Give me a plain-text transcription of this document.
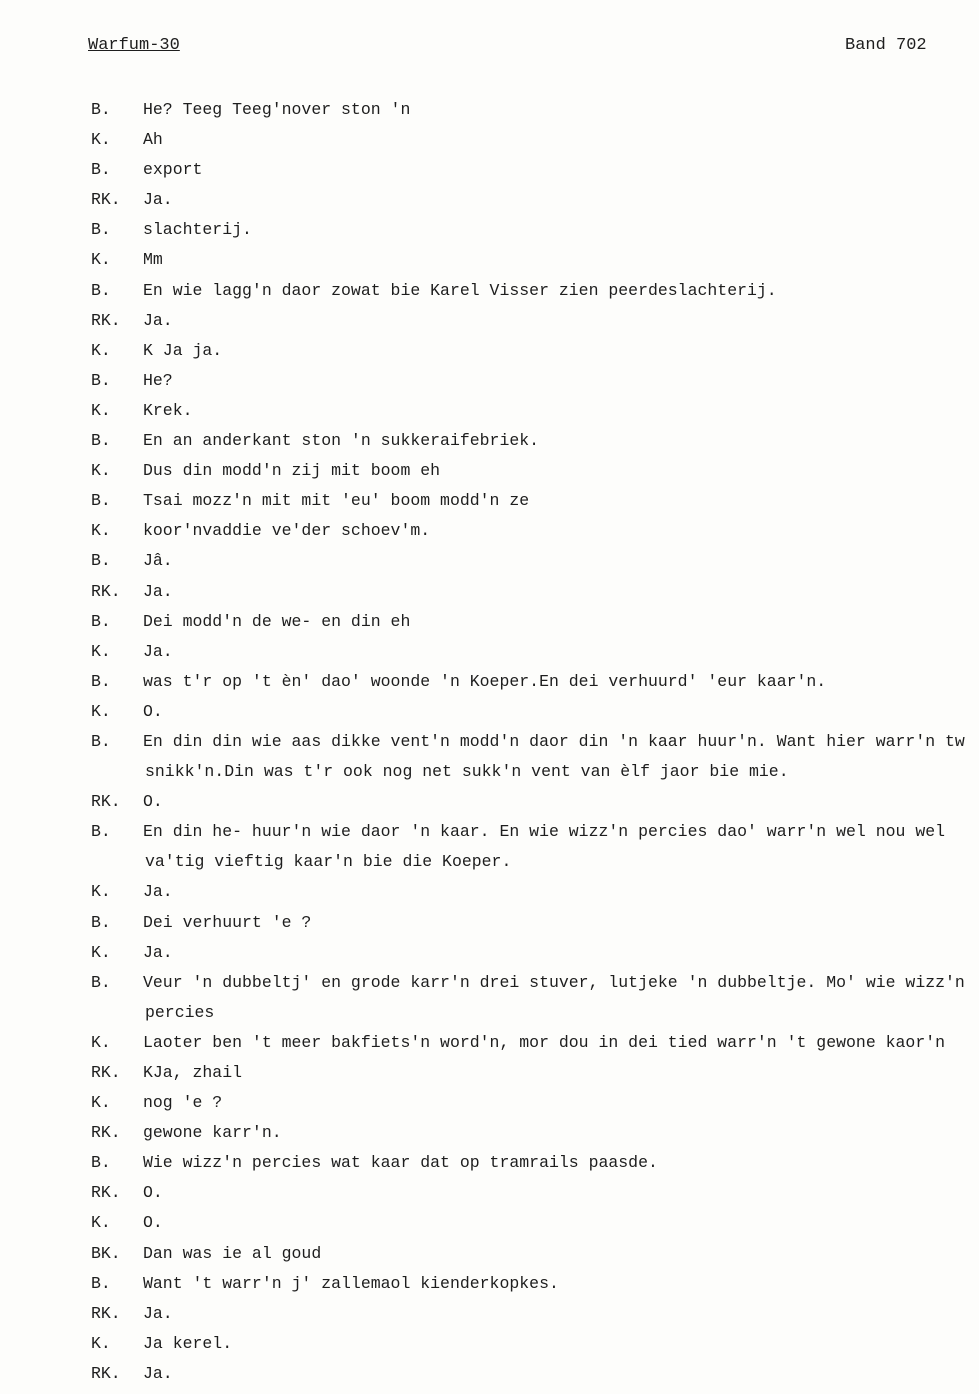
Warfum-30	Band 702
B. He? Teeg Teeg'nover ston 'n
K. Ah
B. export
RK. Ja.
B. slachterij.
K. Mm
B. En wie lagg'n daor zowat bie Karel Visser zien peerdeslachterij.
RK. Ja.
K. K Ja ja.
B. He?
K. Krek.
B. En an anderkant ston 'n sukkeraifebriek.
K. Dus din modd'n zij mit boom eh
B. Tsai mozz'n mit mit 'eu' boom modd'n ze
K. koor'nvaddie ve'der schoev'm.
B. Jâ.
RK. Ja.
B. Dei modd'n de we- en din eh
K. Ja.
B. was t'r op 't èn' dao' woonde 'n Koeper.En dei verhuurd' 'eur kaar'n.
K. O.
B. En din din wie aas dikke vent'n modd'n daor din 'n kaar huur'n. Want hier warr'n tw
snikk'n.Din was t'r ook nog net sukk'n vent van èlf jaor bie mie.
RK. O.
B. En din he- huur'n wie daor 'n kaar. En wie wizz'n percies dao' warr'n wel nou wel
va'tig vieftig kaar'n bie die Koeper.
K. Ja.
B. Dei verhuurt 'e ?
K. Ja.
B. Veur 'n dubbeltj' en grode karr'n drei stuver, lutjeke 'n dubbeltje. Mo' wie wizz'n
percies
K. Laoter ben 't meer bakfiets'n word'n, mor dou in dei tied warr'n 't gewone kaor'n
RK. KJa, zhail
K. nog 'e ?
RK. gewone karr'n.
B. Wie wizz'n percies wat kaar dat op tramrails paasde.
RK. O.
K. O.
BK. Dan was ie al goud
B. Want 't warr'n j' zallemaol kienderkopkes.
RK. Ja.
K. Ja kerel.
RK. Ja.
